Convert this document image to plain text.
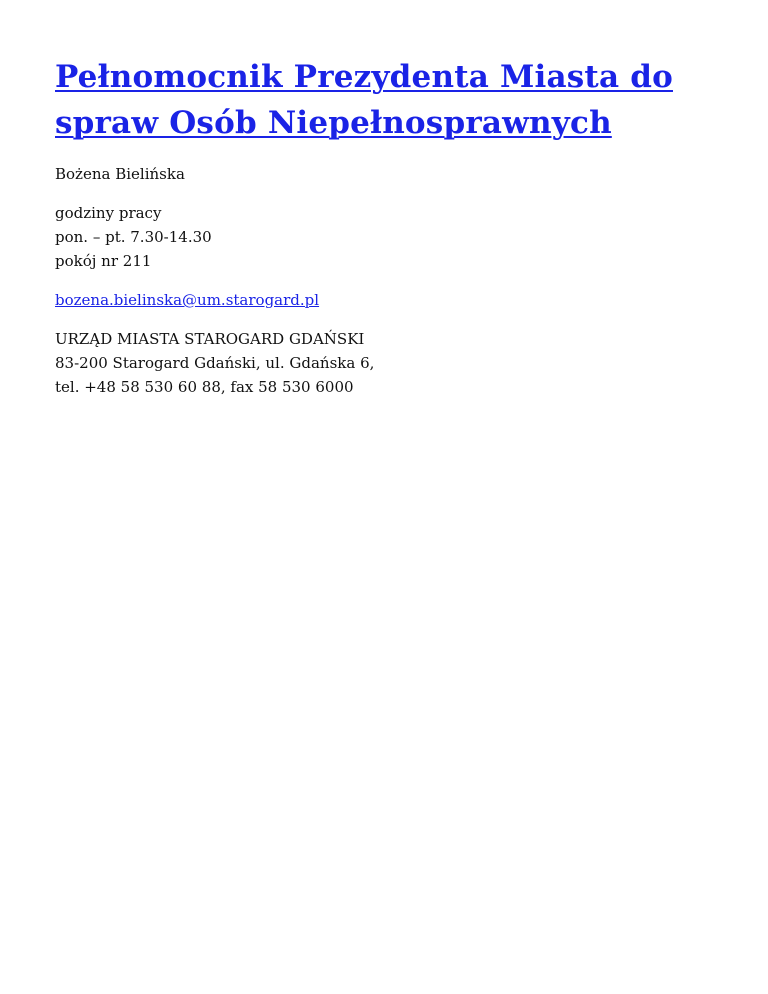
Pełnomocnik Prezydenta Miasta do
spraw Osób Niepełnosprawnych

Bożena Bielińska

godziny pracy
pon. – pt. 7.30-14.30
pokój nr 211

bozena.bielinska@um.starogard.pl

URZĄD MIASTA STAROGARD GDAŃSKI
83-200 Starogard Gdański, ul. Gdańska 6,
tel. +48 58 530 60 88, fax 58 530 6000
